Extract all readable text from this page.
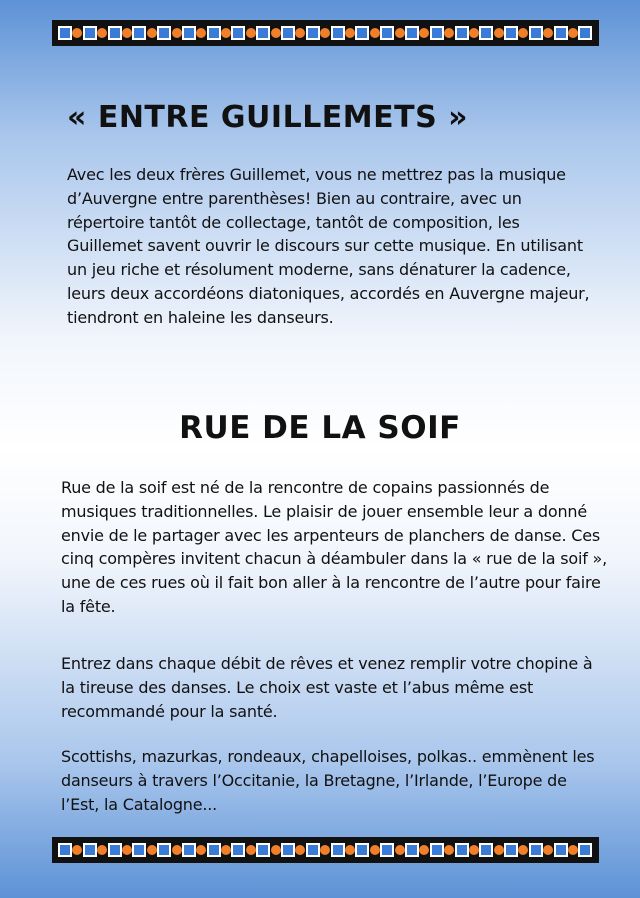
« ENTRE GUILLEMETS »

Avec les deux frères Guillemet, vous ne mettrez pas la musique d’Auvergne entre parenthèses! Bien au contraire, avec un répertoire tantôt de collectage, tantôt de composition, les Guillemet savent ouvrir le discours sur cette musique. En utilisant un jeu riche et résolument moderne, sans dénaturer la cadence, leurs deux accordéons diatoniques, accordés en Auvergne majeur, tiendront en haleine les danseurs.

RUE DE LA SOIF

Rue de la soif est né de la rencontre de copains passionnés de musiques traditionnelles. Le plaisir de jouer ensemble leur a donné envie de le partager avec les arpenteurs de planchers de danse. Ces cinq compères invitent chacun à déambuler dans la « rue de la soif », une de ces rues où il fait bon aller à la rencontre de l’autre pour faire la fête.

Entrez dans chaque débit de rêves et venez remplir votre chopine à la tireuse des danses. Le choix est vaste et l’abus même est recommandé pour la santé.

Scottishs, mazurkas, rondeaux, chapelloises, polkas.. emmènent les danseurs à travers l’Occitanie, la Bretagne, l’Irlande, l’Europe de l’Est, la Catalogne...
